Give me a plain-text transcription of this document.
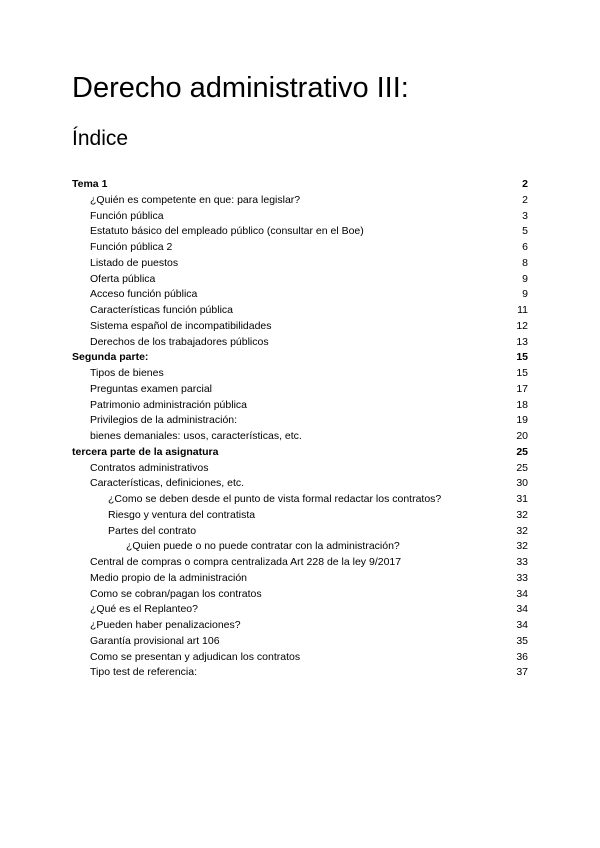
Derecho administrativo III:
Índice
Tema 1	2
¿Quién es competente en que: para legislar?	2
Función pública	3
Estatuto básico del empleado público (consultar en el Boe)	5
Función pública 2	6
Listado de puestos	8
Oferta pública	9
Acceso función pública	9
Características función pública	11
Sistema español de incompatibilidades	12
Derechos de los trabajadores públicos	13
Segunda parte:	15
Tipos de bienes	15
Preguntas examen parcial	17
Patrimonio administración pública	18
Privilegios de la administración:	19
bienes demaniales: usos, características, etc.	20
tercera parte de la asignatura	25
Contratos administrativos	25
Características, definiciones, etc.	30
¿Como se deben desde el punto de vista formal redactar los contratos?	31
Riesgo y ventura del contratista	32
Partes del contrato	32
¿Quien puede o no puede contratar con la administración?	32
Central de compras o compra centralizada Art 228 de la ley 9/2017	33
Medio propio de la administración	33
Como se cobran/pagan los contratos	34
¿Qué es el Replanteo?	34
¿Pueden haber penalizaciones?	34
Garantía provisional art 106	35
Como se presentan y adjudican los contratos	36
Tipo test de referencia:	37
